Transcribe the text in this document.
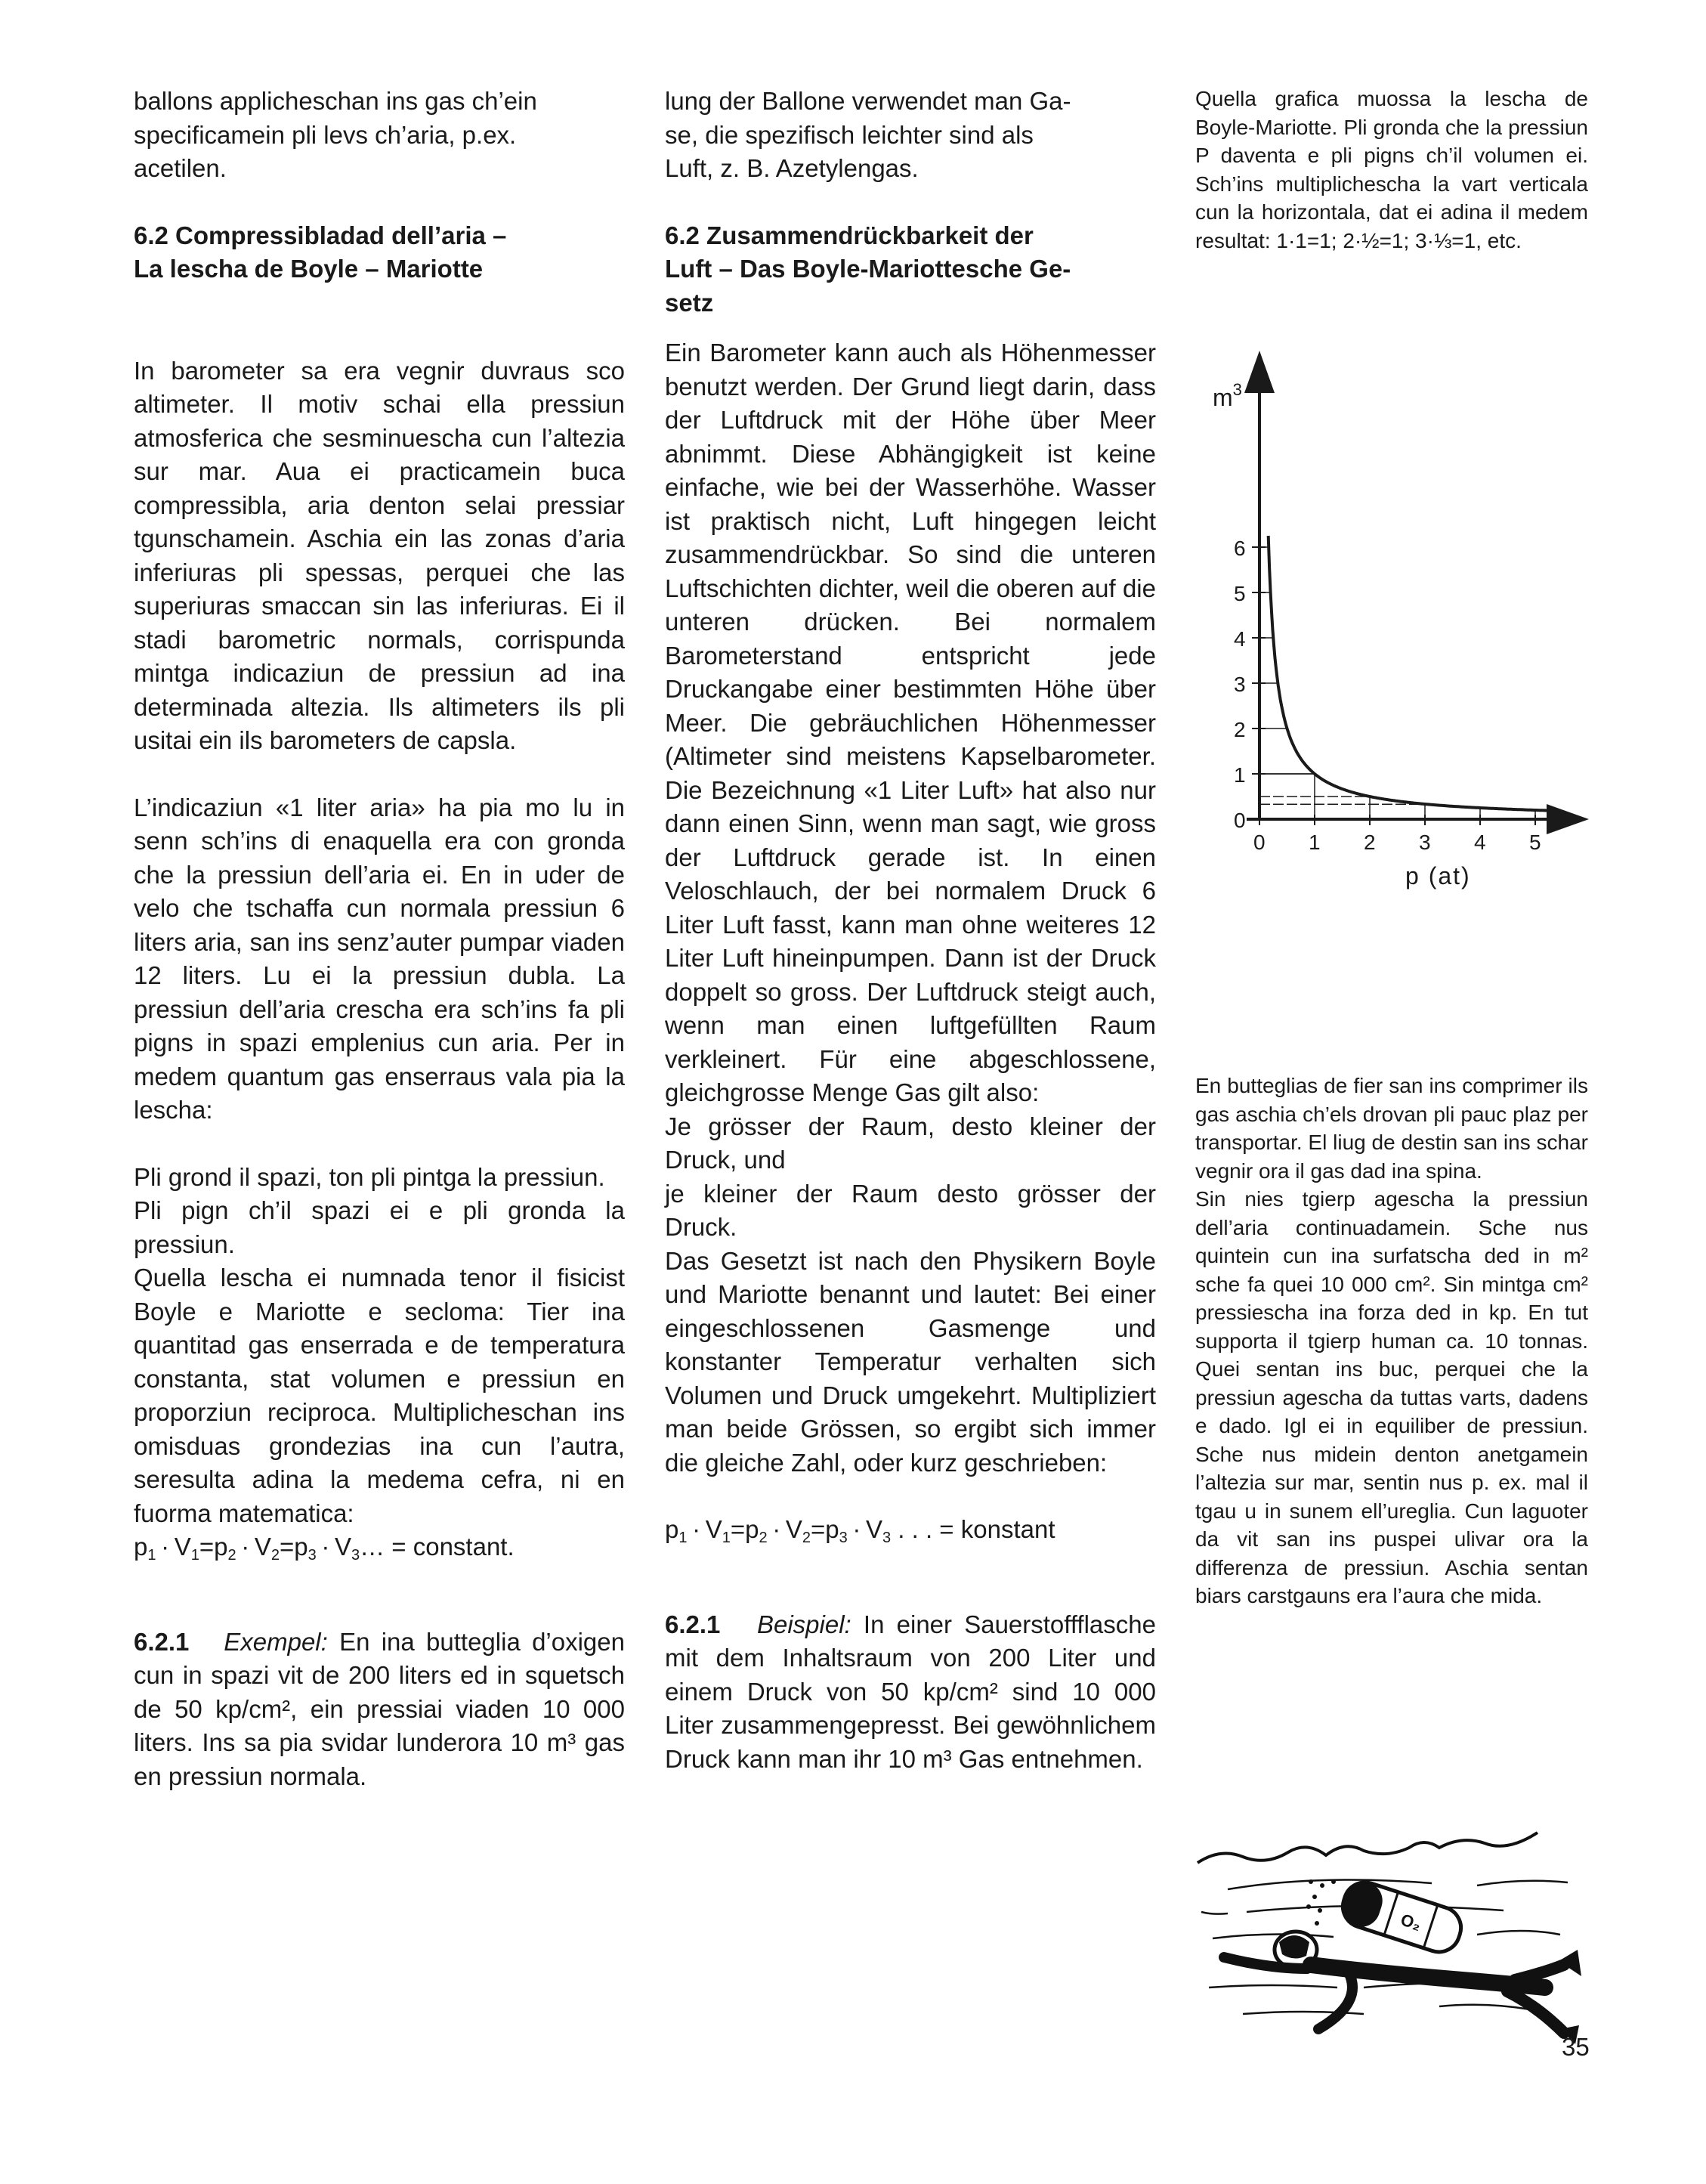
ballons applicheschan ins gas ch’ein
specificamein pli levs ch’aria, p.ex.
acetilen.

6.2 Compressibladad dell’aria –
La lescha de Boyle – Mariotte

In barometer sa era vegnir duvraus sco altimeter. Il motiv schai ella pressiun atmosferica che sesminuescha cun l’altezia sur mar. Aua ei practicamein buca compressibla, aria denton selai pressiar tgunschamein. Aschia ein las zonas d’aria inferiuras pli spessas, perquei che las superiuras smaccan sin las inferiuras. Ei il stadi barometric normals, corrispunda mintga indicaziun de pressiun ad ina determinada altezia. Ils altimeters ils pli usitai ein ils barometers de capsla.

L’indicaziun «1 liter aria» ha pia mo lu in senn sch’ins di enaquella era con gronda che la pressiun dell’aria ei. En in uder de velo che tschaffa cun normala pressiun 6 liters aria, san ins senz’auter pumpar viaden 12 liters. Lu ei la pressiun dubla. La pressiun dell’aria crescha era sch’ins fa pli pigns in spazi emplenius cun aria. Per in medem quantum gas enserraus vala pia la lescha:

Pli grond il spazi, ton pli pintga la pressiun.

Pli pign ch’il spazi ei e pli gronda la pressiun.

Quella lescha ei numnada tenor il fisicist Boyle e Mariotte e secloma: Tier ina quantitad gas enserrada e de temperatura constanta, stat volumen e pressiun en proporziun reciproca. Multiplicheschan ins omisduas grondezias ina cun l’autra, seresulta adina la medema cefra, ni en fuorma matematica:

$p_1 \cdot V_1=p_2 \cdot V_2=p_3$  ·  $V_3\dots$ = constant.

6.2.1 Exempel: En ina butteglia d’oxigen cun in spazi vit de 200 liters ed in squetsch de 50 kp/cm², ein pressiai viaden 10 000 liters. Ins sa pia svidar lunderora 10 m³ gas en pressiun normala.

lung der Ballone verwendet man Ga-
se, die spezifisch leichter sind als
Luft, z. B. Azetylengas.

6.2 Zusammendrückbarkeit der
Luft – Das Boyle-Mariottesche Ge-
setz

Ein Barometer kann auch als Höhenmesser benutzt werden. Der Grund liegt darin, dass der Luftdruck mit der Höhe über Meer abnimmt. Diese Abhängigkeit ist keine einfache, wie bei der Wasserhöhe. Wasser ist praktisch nicht, Luft hingegen leicht zusammendrückbar. So sind die unteren Luftschichten dichter, weil die oberen auf die unteren drücken. Bei normalem Barometerstand entspricht jede Druckangabe einer bestimmten Höhe über Meer. Die gebräuchlichen Höhenmesser (Altimeter sind meistens Kapselbarometer. Die Bezeichnung «1 Liter Luft» hat also nur dann einen Sinn, wenn man sagt, wie gross der Luftdruck gerade ist. In einen Veloschlauch, der bei normalem Druck 6 Liter Luft fasst, kann man ohne weiteres 12 Liter Luft hineinpumpen. Dann ist der Druck doppelt so gross. Der Luftdruck steigt auch, wenn man einen luftgefüllten Raum verkleinert. Für eine abgeschlossene, gleichgrosse Menge Gas gilt also:

Je grösser der Raum, desto kleiner der Druck, und

je kleiner der Raum desto grösser der Druck.

Das Gesetzt ist nach den Physikern Boyle und Mariotte benannt und lautet: Bei einer eingeschlossenen Gasmenge und konstanter Temperatur verhalten sich Volumen und Druck umgekehrt. Multipliziert man beide Grössen, so ergibt sich immer die gleiche Zahl, oder kurz geschrieben:

$p_1 \cdot V_1=p_2 \cdot V_2=p_3 \cdot V_3$ . . . = konstant

6.2.1 Beispiel: In einer Sauerstoffflasche mit dem Inhaltsraum von 200 Liter und einem Druck von 50 kp/cm² sind 10 000 Liter zusammengepresst. Bei gewöhnlichem Druck kann man ihr 10 m³ Gas entnehmen.

Quella grafica muossa la lescha de Boyle-Mariotte. Pli gronda che la pressiun P daventa e pli pigns ch’il volumen ei. Sch’ins multiplichescha la vart verticala cun la horizontala, dat ei adina il medem resultat: 1·1=1; 2·½=1; 3·⅓=1, etc.

0
1
2
3
4
5
6
0 1 2 3 4 5
$m^3$
p (at)

En butteglias de fier san ins comprimer ils gas aschia ch’els drovan pli pauc plaz per transportar. El liug de destin san ins schar vegnir ora il gas dad ina spina.

Sin nies tgierp agescha la pressiun dell’aria continuadamein. Sche nus quintein cun ina surfatscha ded in m² sche fa quei 10 000 cm². Sin mintga cm² pressiescha ina forza ded in kp. En tut supporta il tgierp human ca. 10 tonnas. Quei sentan ins buc, perquei che la pressiun agescha da tuttas varts, dadens e dado. Igl ei in equiliber de pressiun. Sche nus midein denton anetgamein l’altezia sur mar, sentin nus p. ex. mal il tgau u in sunem ell’ureglia. Cun laguoter da vit san ins puspei ulivar ora la differenza de pressiun. Aschia sentan biars carstgauns era l’aura che mida.

O₂
35
